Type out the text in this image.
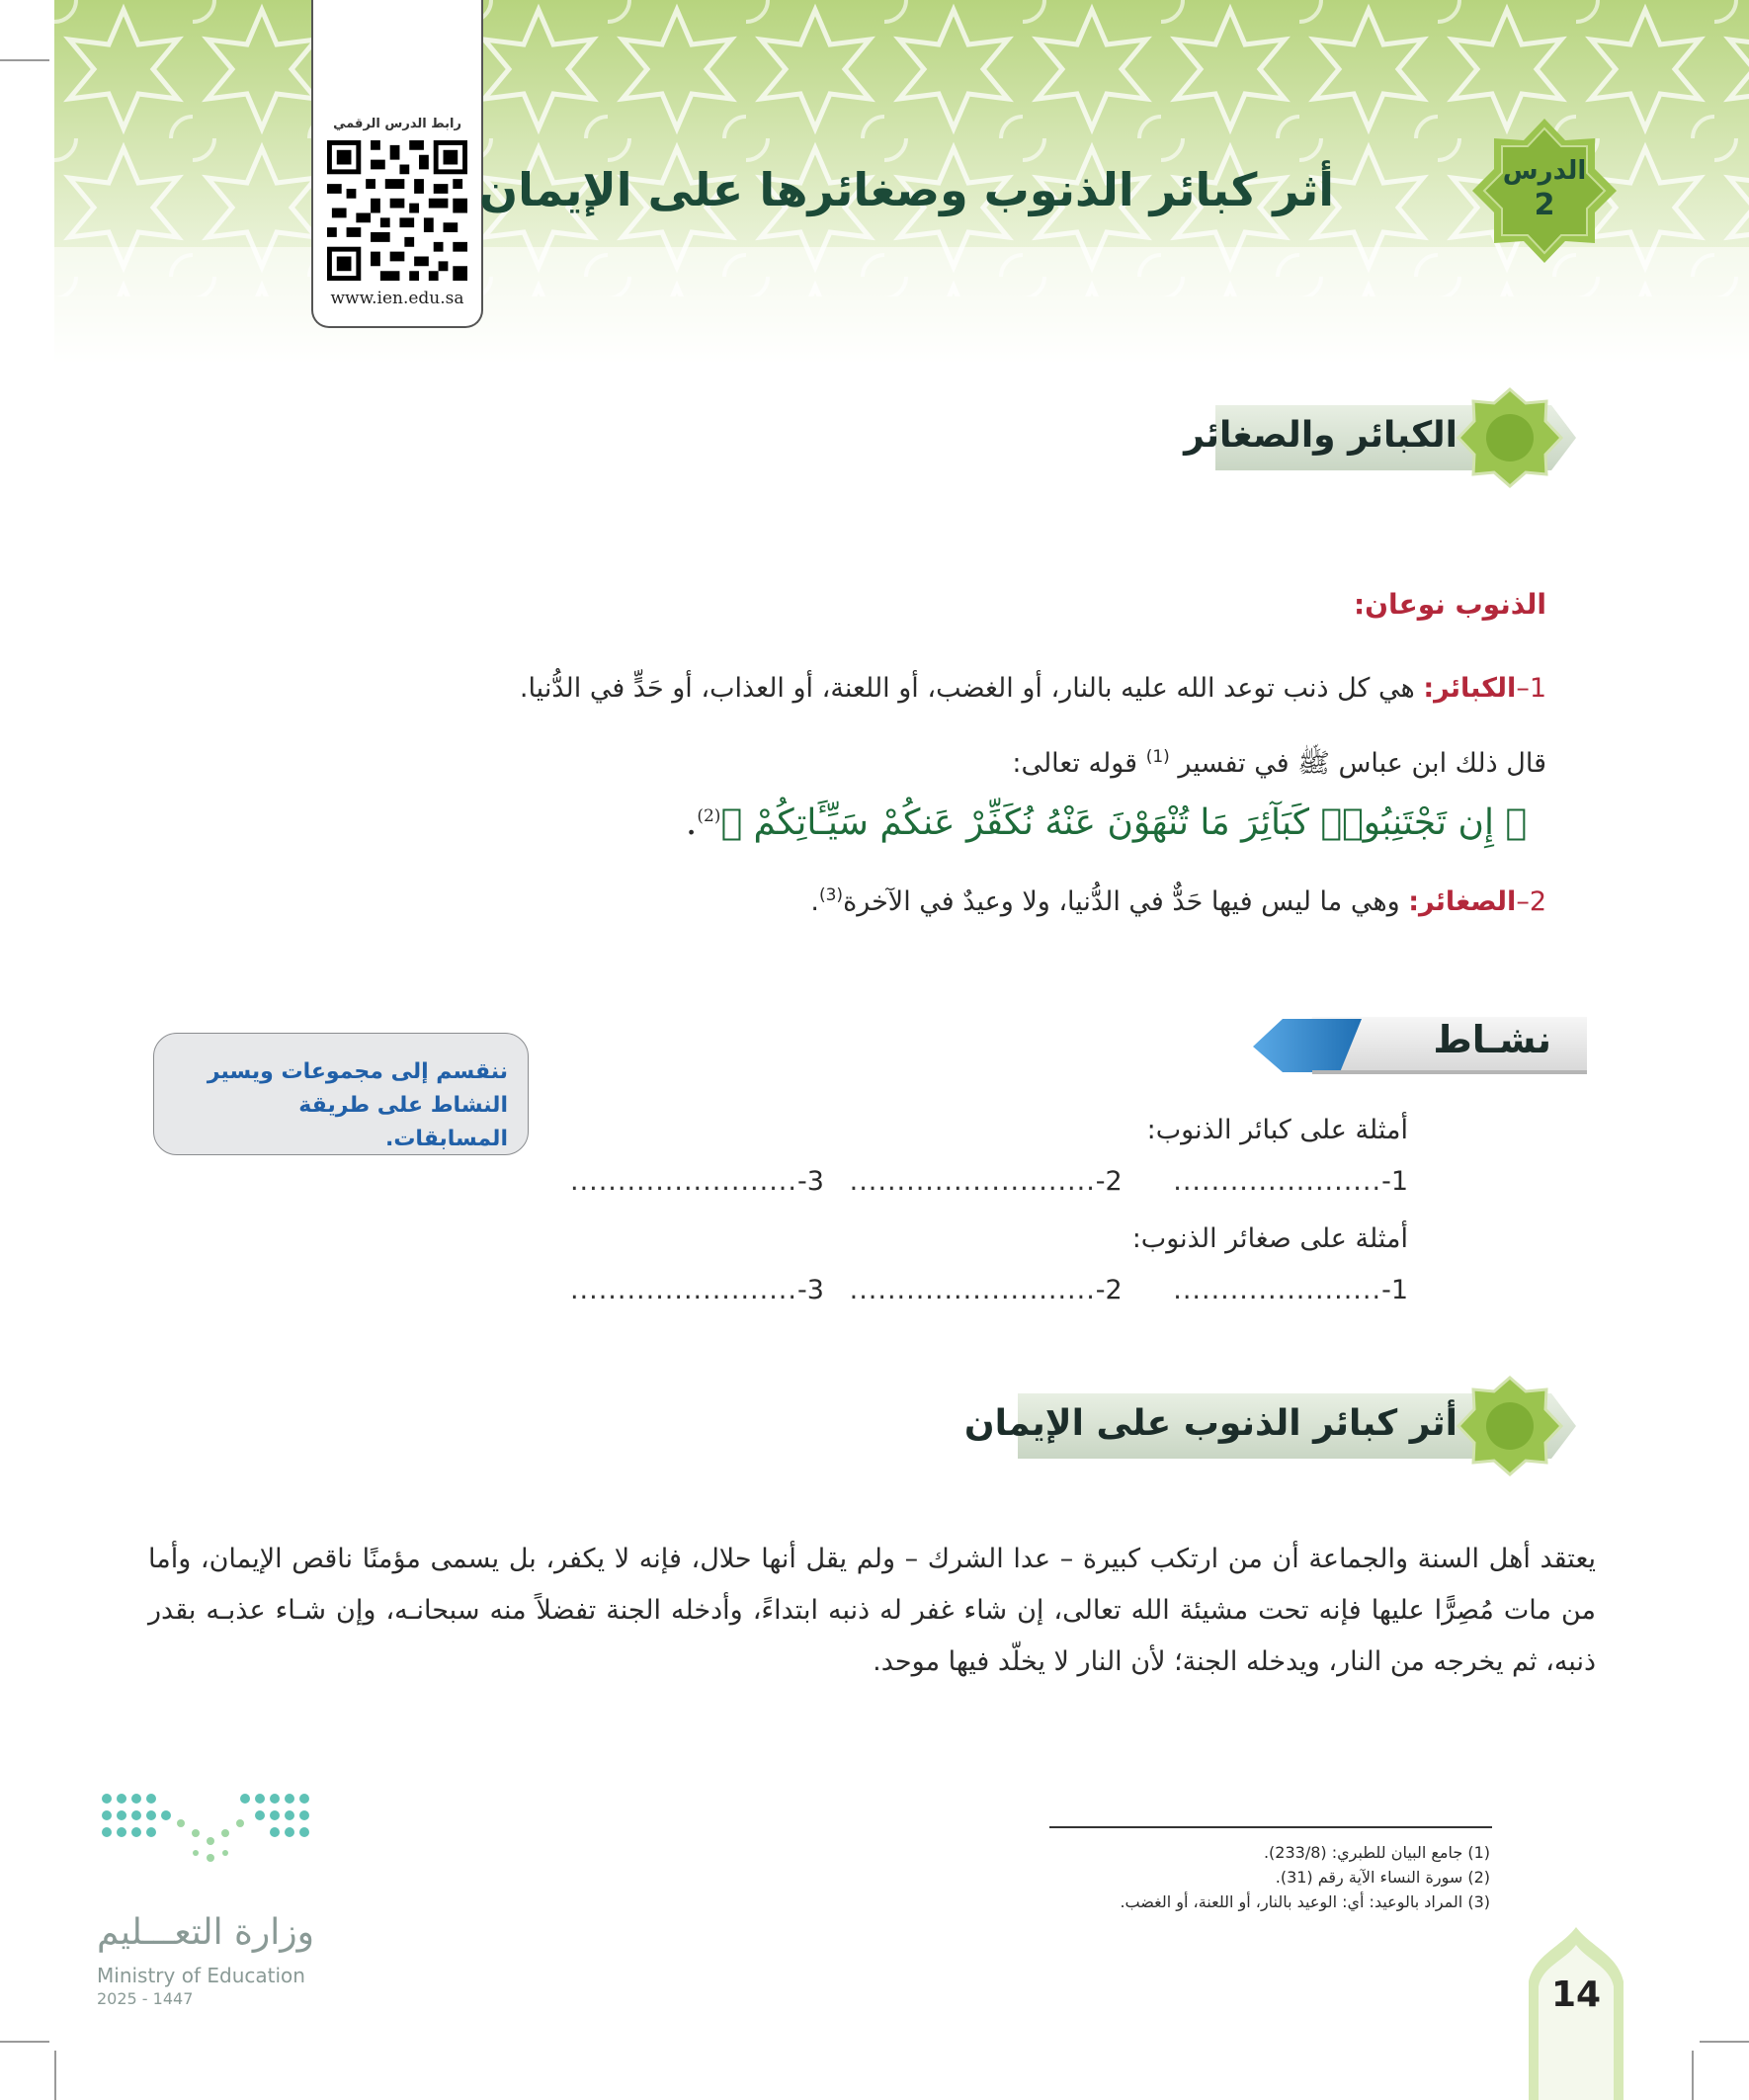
رابط الدرس الرقمي
www.ien.edu.sa
أثر كبائر الذنوب وصغائرها على الإيمان	الدرس
2
الكبائر والصغائر
الذنوب نوعان:
1–الكبائر: هي كل ذنب توعد الله عليه بالنار، أو الغضب، أو اللعنة، أو العذاب، أو حَدٍّ في الدُّنيا.
قال ذلك ابن عباس ﷺ في تفسير $^{(1)}$ قوله تعالى:
﴿ إِن تَجْتَنِبُوا۟ كَبَآئِرَ مَا تُنْهَوْنَ عَنْهُ نُكَفِّرْ عَنكُمْ سَيِّـَٔاتِكُمْ ﴾$^{(2)}$.
2–الصغائر: وهي ما ليس فيها حَدٌّ في الدُّنيا، ولا وعيدٌ في الآخرة$^{(3)}$.
نشـاط
ننقسم إلى مجموعات ويسير النشاط على طريقة المسابقات.	أمثلة على كبائر الذنوب:
1-......................      2-..........................   3-........................
أمثلة على صغائر الذنوب:
1-......................      2-..........................   3-........................
أثر كبائر الذنوب على الإيمان
يعتقد أهل السنة والجماعة أن من ارتكب كبيرة – عدا الشرك – ولم يقل أنها حلال، فإنه لا يكفر، بل يسمى مؤمنًا ناقص الإيمان، وأما من مات مُصِرًّا عليها فإنه تحت مشيئة الله تعالى، إن شاء غفر له ذنبه ابتداءً، وأدخله الجنة تفضلاً منه سبحانـه، وإن شـاء عذبـه بقدر ذنبه، ثم يخرجه من النار، ويدخله الجنة؛ لأن النار لا يخلّد فيها موحد.
(1) جامع البيان للطبري: (233/8).
(2) سورة النساء الآية رقم (31).
(3) المراد بالوعيد: أي: الوعيد بالنار، أو اللعنة، أو الغضب.
14
وزارة التعـــليم
Ministry of Education
2025 - 1447
